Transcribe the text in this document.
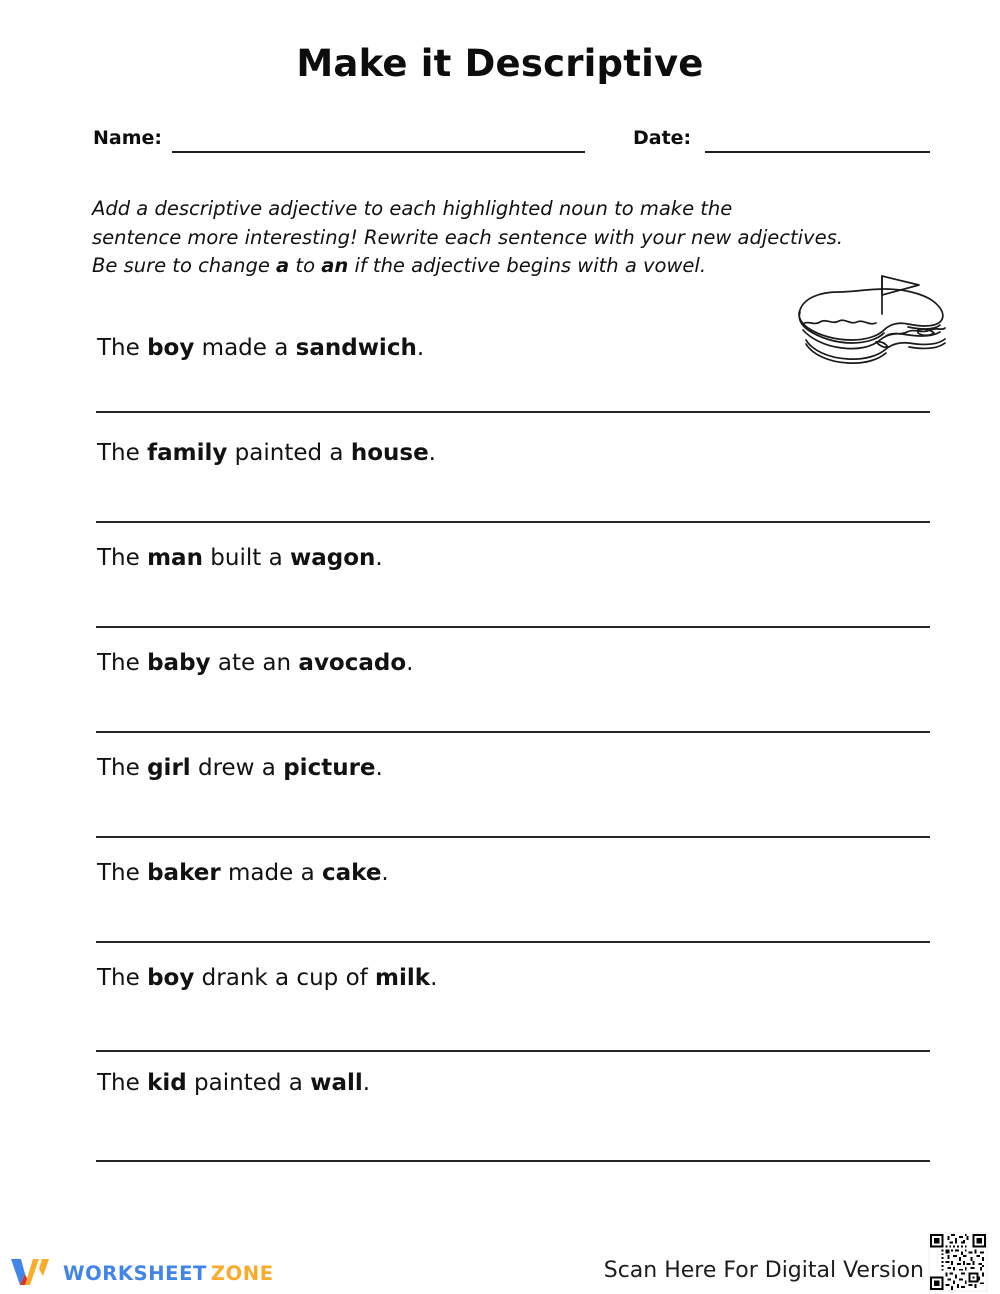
Make it Descriptive
Name:	Date:
Add a descriptive adjective to each highlighted noun to make the
sentence more interesting! Rewrite each sentence with your new adjectives.
Be sure to change a to an if the adjective begins with a vowel.
The boy made a sandwich.
The family painted a house.
The man built a wagon.
The baby ate an avocado.
The girl drew a picture.
The baker made a cake.
The boy drank a cup of milk.
The kid painted a wall.
WORKSHEET ZONE	Scan Here For Digital Version
